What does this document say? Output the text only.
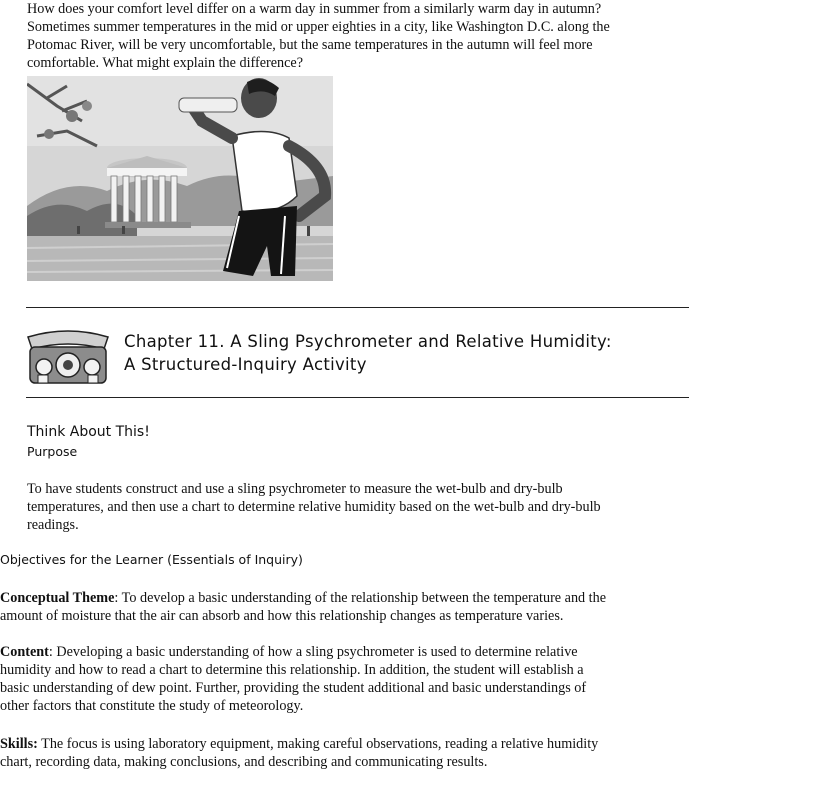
How does your comfort level differ on a warm day in summer from a similarly warm day in autumn?
Sometimes summer temperatures in the mid or upper eighties in a city, like Washington D.C. along the
Potomac River, will be very uncomfortable, but the same temperatures in the autumn will feel more
comfortable. What might explain the difference?
Chapter 11. A Sling Psychrometer and Relative Humidity:
A Structured-Inquiry Activity
Think About This!
Purpose
To have students construct and use a sling psychrometer to measure the wet-bulb and dry-bulb
temperatures, and then use a chart to determine relative humidity based on the wet-bulb and dry-bulb
readings.
Objectives for the Learner (Essentials of Inquiry)
Conceptual Theme: To develop a basic understanding of the relationship between the temperature and the
amount of moisture that the air can absorb and how this relationship changes as temperature varies.
Content: Developing a basic understanding of how a sling psychrometer is used to determine relative
humidity and how to read a chart to determine this relationship. In addition, the student will establish a
basic understanding of dew point. Further, providing the student additional and basic understandings of
other factors that constitute the study of meteorology.
Skills: The focus is using laboratory equipment, making careful observations, reading a relative humidity
chart, recording data, making conclusions, and describing and communicating results.
